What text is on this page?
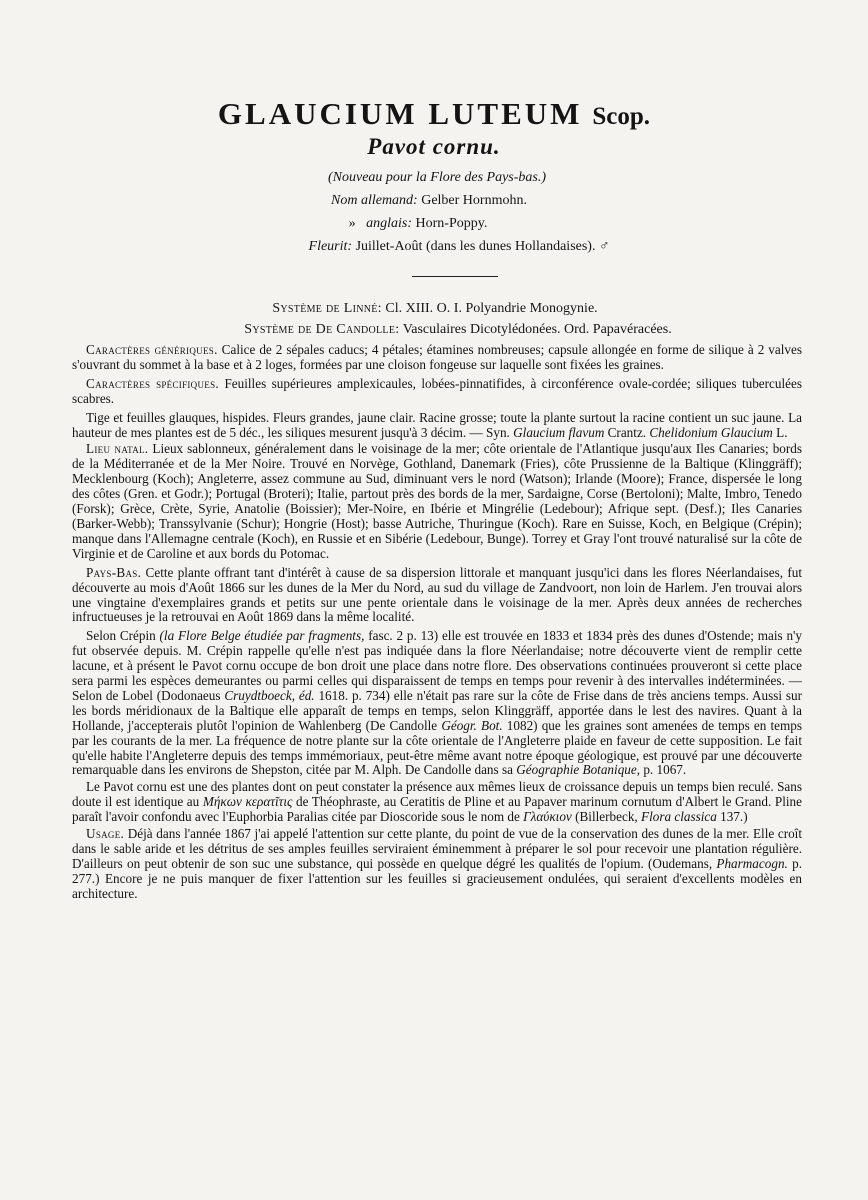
GLAUCIUM LUTEUM Scop.
Pavot cornu.
(Nouveau pour la Flore des Pays-bas.)
Nom allemand: Gelber Hornmohn.
» anglais: Horn-Poppy.
Fleurit: Juillet-Août (dans les dunes Hollandaises). ♂
Système de Linné: Cl. XIII. O. I. Polyandrie Monogynie.
Système de De Candolle: Vasculaires Dicotylédonées. Ord. Papavéracées.

Caractères génériques. Calice de 2 sépales caducs; 4 pétales; étamines nombreuses; capsule allongée en forme de silique à 2 valves s'ouvrant du sommet à la base et à 2 loges, formées par une cloison fongeuse sur laquelle sont fixées les graines.

Caractères spécifiques. Feuilles supérieures amplexicaules, lobées-pinnatifides, à circonférence ovale-cordée; siliques tuberculées scabres.

Tige et feuilles glauques, hispides. Fleurs grandes, jaune clair. Racine grosse; toute la plante surtout la racine contient un suc jaune. La hauteur de mes plantes est de 5 déc., les siliques mesurent jusqu'à 3 décim. — Syn. Glaucium flavum Crantz. Chelidonium Glaucium L.

Lieu natal. Lieux sablonneux, généralement dans le voisinage de la mer; côte orientale de l'Atlantique jusqu'aux Iles Canaries; bords de la Méditerranée et de la Mer Noire. Trouvé en Norvège, Gothland, Danemark (Fries), côte Prussienne de la Baltique (Klinggräff); Mecklenbourg (Koch); Angleterre, assez commune au Sud, diminuant vers le nord (Watson); Irlande (Moore); France, dispersée le long des côtes (Gren. et Godr.); Portugal (Broteri); Italie, partout près des bords de la mer, Sardaigne, Corse (Bertoloni); Malte, Imbro, Tenedo (Forsk); Grèce, Crète, Syrie, Anatolie (Boissier); Mer-Noire, en Ibérie et Mingrélie (Ledebour); Afrique sept. (Desf.); Iles Canaries (Barker-Webb); Transsylvanie (Schur); Hongrie (Host); basse Autriche, Thuringue (Koch). Rare en Suisse, Koch, en Belgique (Crépin); manque dans l'Allemagne centrale (Koch), en Russie et en Sibérie (Ledebour, Bunge). Torrey et Gray l'ont trouvé naturalisé sur la côte de Virginie et de Caroline et aux bords du Potomac.

Pays-Bas. Cette plante offrant tant d'intérêt à cause de sa dispersion littorale et manquant jusqu'ici dans les flores Néerlandaises, fut découverte au mois d'Août 1866 sur les dunes de la Mer du Nord, au sud du village de Zandvoort, non loin de Harlem. J'en trouvai alors une vingtaine d'exemplaires grands et petits sur une pente orientale dans le voisinage de la mer. Après deux années de recherches infructueuses je la retrouvai en Août 1869 dans la même localité.

Selon Crépin (la Flore Belge étudiée par fragments, fasc. 2 p. 13) elle est trouvée en 1833 et 1834 près des dunes d'Ostende; mais n'y fut observée depuis. M. Crépin rappelle qu'elle n'est pas indiquée dans la flore Néerlandaise; notre découverte vient de remplir cette lacune, et à présent le Pavot cornu occupe de bon droit une place dans notre flore. Des observations continuées prouveront si cette place sera parmi les espèces demeurantes ou parmi celles qui disparaissent de temps en temps pour revenir à des intervalles indéterminées. — Selon de Lobel (Dodonaeus Cruydtboeck, éd. 1618. p. 734) elle n'était pas rare sur la côte de Frise dans de très anciens temps. Aussi sur les bords méridionaux de la Baltique elle apparaît de temps en temps, selon Klinggräff, apportée dans le lest des navires. Quant à la Hollande, j'accepterais plutôt l'opinion de Wahlenberg (De Candolle Géogr. Bot. 1082) que les graines sont amenées de temps en temps par les courants de la mer. La fréquence de notre plante sur la côte orientale de l'Angleterre plaide en faveur de cette supposition. Le fait qu'elle habite l'Angleterre depuis des temps immémoriaux, peut-être même avant notre époque géologique, est prouvé par une découverte remarquable dans les environs de Shepston, citée par M. Alph. De Candolle dans sa Géographie Botanique, p. 1067.

Le Pavot cornu est une des plantes dont on peut constater la présence aux mêmes lieux de croissance depuis un temps bien reculé. Sans doute il est identique au Μήκων κερατῖτις de Théophraste, au Ceratitis de Pline et au Papaver marinum cornutum d'Albert le Grand. Pline paraît l'avoir confondu avec l'Euphorbia Paralias citée par Dioscoride sous le nom de Γλαύκιον (Billerbeck, Flora classica 137.)

Usage. Déjà dans l'année 1867 j'ai appelé l'attention sur cette plante, du point de vue de la conservation des dunes de la mer. Elle croît dans le sable aride et les détritus de ses amples feuilles serviraient éminemment à préparer le sol pour recevoir une plantation régulière. D'ailleurs on peut obtenir de son suc une substance, qui possède en quelque dégré les qualités de l'opium. (Oudemans, Pharmacogn. p. 277.) Encore je ne puis manquer de fixer l'attention sur les feuilles si gracieusement ondulées, qui seraient d'excellents modèles en architecture.
